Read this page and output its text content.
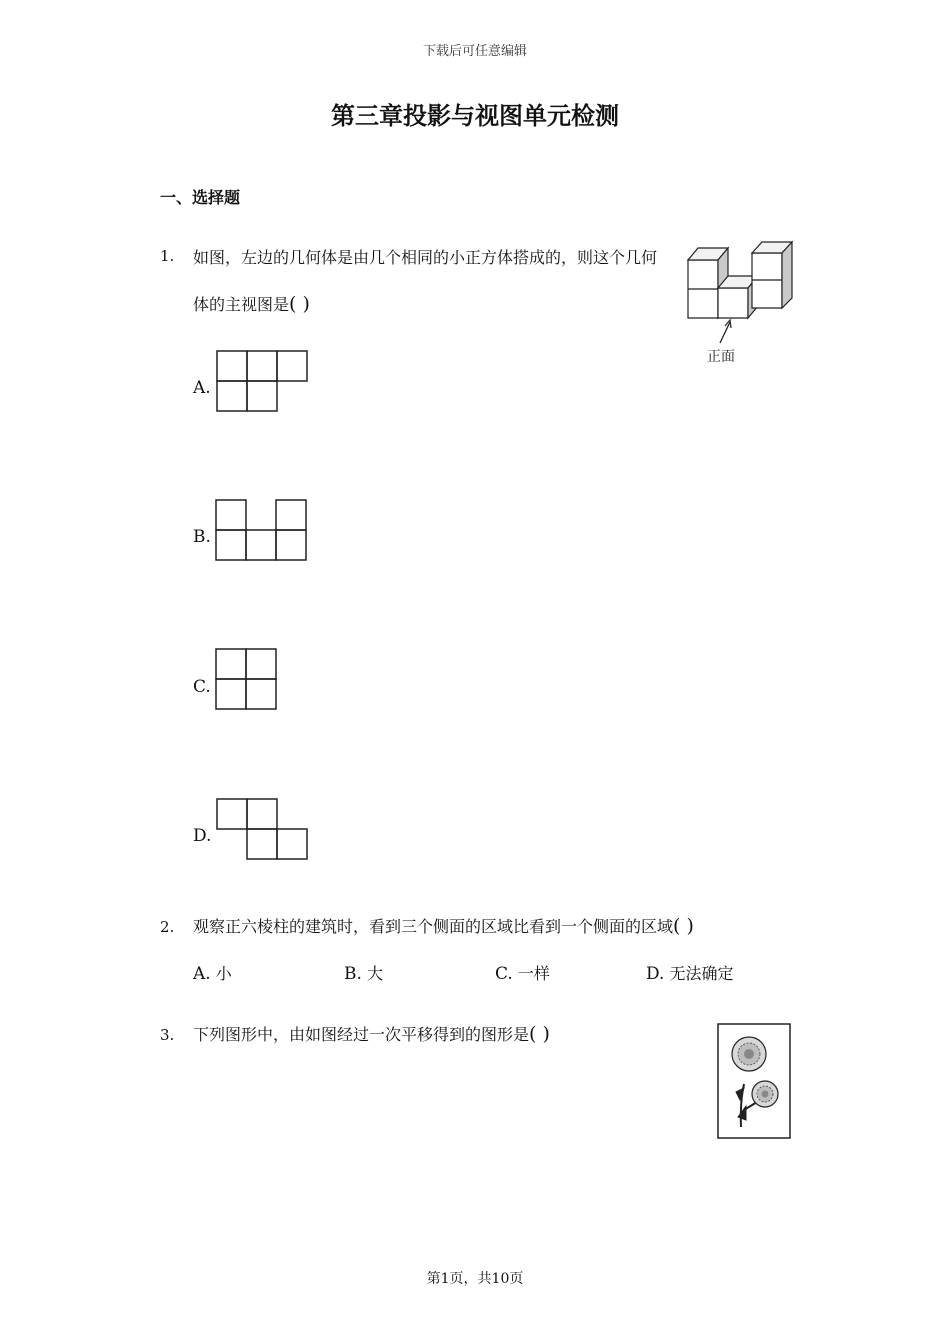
下载后可任意编辑
第三章投影与视图单元检测
一、选择题
1. 如图，左边的几何体是由几个相同的小正方体搭成的，则这个几何
体的主视图是( )
正面
A.
B.
C.
D.
2. 观察正六棱柱的建筑时，看到三个侧面的区域比看到一个侧面的区域( )
A. 小	B. 大	C. 一样	D. 无法确定
3. 下列图形中，由如图经过一次平移得到的图形是( )
第1页，共10页
